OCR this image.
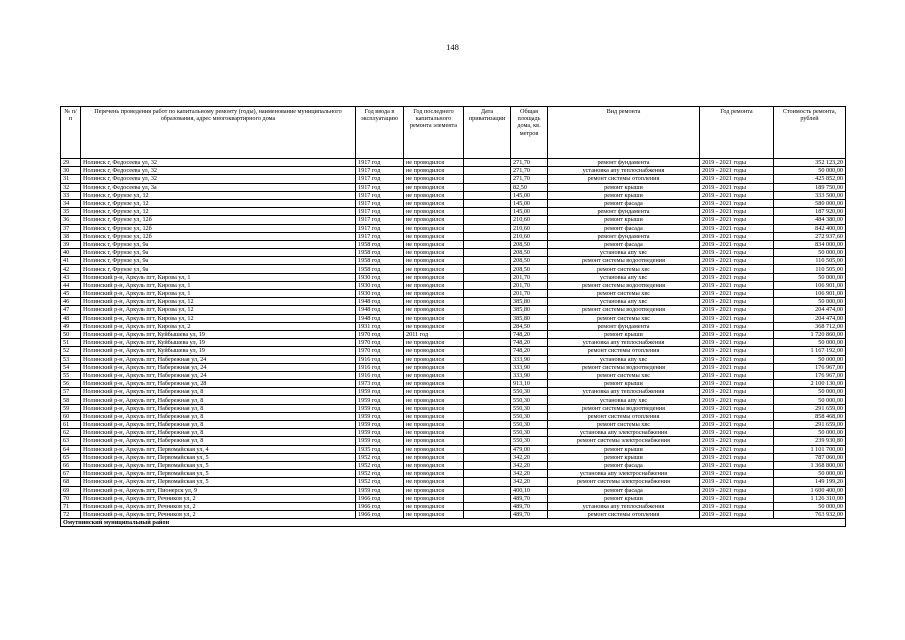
148
№ п/п	Перечень проведения работ по капитальному ремонту (годы), наименование муниципального образования, адрес многоквартирного дома	Год ввода в эксплуатацию	Год последнего капитального ремонта элемента	Дата приватизации	Общая площадь дома, кв. метров	Вид ремонта	Год ремонта	Стоимость ремонта, рублей
29	Нолинск г, Федосеева ул, 32	1917 год	не проводился		271,70	ремонт фундамента	2019 - 2021 годы	352 123,20
30	Нолинск г, Федосеева ул, 32	1917 год	не проводился		271,70	установка апу теплоснабжения	2019 - 2021 годы	50 000,00
31	Нолинск г, Федосеева ул, 32	1917 год	не проводился		271,70	ремонт системы отопления	2019 - 2021 годы	425 852,00
32	Нолинск г, Федосеева ул, 3а	1917 год	не проводился		82,50	ремонт крыши	2019 - 2021 годы	189 750,00
33	Нолинск г, Фрунзе ул, 12	1917 год	не проводился		145,00	ремонт крыши	2019 - 2021 годы	333 500,00
34	Нолинск г, Фрунзе ул, 12	1917 год	не проводился		145,00	ремонт фасада	2019 - 2021 годы	580 000,00
35	Нолинск г, Фрунзе ул, 12	1917 год	не проводился		145,00	ремонт фундамента	2019 - 2021 годы	187 920,00
36	Нолинск г, Фрунзе ул, 12б	1917 год	не проводился		210,60	ремонт крыши	2019 - 2021 годы	484 380,00
37	Нолинск г, Фрунзе ул, 12б	1917 год	не проводился		210,60	ремонт фасада	2019 - 2021 годы	842 400,00
38	Нолинск г, Фрунзе ул, 12б	1917 год	не проводился		210,60	ремонт фундамента	2019 - 2021 годы	272 937,60
39	Нолинск г, Фрунзе ул, 9а	1958 год	не проводился		208,50	ремонт фасада	2019 - 2021 годы	834 000,00
40	Нолинск г, Фрунзе ул, 9а	1958 год	не проводился		208,50	установка апу хвс	2019 - 2021 годы	50 000,00
41	Нолинск г, Фрунзе ул, 9а	1958 год	не проводился		208,50	ремонт системы водоотведения	2019 - 2021 годы	110 505,00
42	Нолинск г, Фрунзе ул, 9а	1958 год	не проводился		208,50	ремонт системы хвс	2019 - 2021 годы	110 505,00
43	Нолинский р-н, Аркуль пгт, Кирова ул, 1	1930 год	не проводился		201,70	установка апу хвс	2019 - 2021 годы	50 000,00
44	Нолинский р-н, Аркуль пгт, Кирова ул, 1	1930 год	не проводился		201,70	ремонт системы водоотведения	2019 - 2021 годы	106 901,00
45	Нолинский р-н, Аркуль пгт, Кирова ул, 1	1930 год	не проводился		201,70	ремонт системы хвс	2019 - 2021 годы	106 901,00
46	Нолинский р-н, Аркуль пгт, Кирова ул, 12	1948 год	не проводился		385,80	установка апу хвс	2019 - 2021 годы	50 000,00
47	Нолинский р-н, Аркуль пгт, Кирова ул, 12	1948 год	не проводился		385,80	ремонт системы водоотведения	2019 - 2021 годы	204 474,00
48	Нолинский р-н, Аркуль пгт, Кирова ул, 12	1948 год	не проводился		385,80	ремонт системы хвс	2019 - 2021 годы	204 474,00
49	Нолинский р-н, Аркуль пгт, Кирова ул, 2	1931 год	не проводился		284,50	ремонт фундамента	2019 - 2021 годы	368 712,00
50	Нолинский р-н, Аркуль пгт, Куйбышева ул, 19	1970 год	2011 год		748,20	ремонт крыши	2019 - 2021 годы	1 720 860,00
51	Нолинский р-н, Аркуль пгт, Куйбышева ул, 19	1970 год	не проводился		748,20	установка апу теплоснабжения	2019 - 2021 годы	50 000,00
52	Нолинский р-н, Аркуль пгт, Куйбышева ул, 19	1970 год	не проводился		748,20	ремонт системы отопления	2019 - 2021 годы	1 167 192,00
53	Нолинский р-н, Аркуль пгт, Набережная ул, 24	1916 год	не проводился		333,90	установка апу хвс	2019 - 2021 годы	50 000,00
54	Нолинский р-н, Аркуль пгт, Набережная ул, 24	1916 год	не проводился		333,90	ремонт системы водоотведения	2019 - 2021 годы	176 967,00
55	Нолинский р-н, Аркуль пгт, Набережная ул, 24	1916 год	не проводился		333,90	ремонт системы хвс	2019 - 2021 годы	176 967,00
56	Нолинский р-н, Аркуль пгт, Набережная ул, 28	1973 год	не проводился		913,10	ремонт крыши	2019 - 2021 годы	2 100 130,00
57	Нолинский р-н, Аркуль пгт, Набережная ул, 8	1959 год	не проводился		550,30	установка апу теплоснабжения	2019 - 2021 годы	50 000,00
58	Нолинский р-н, Аркуль пгт, Набережная ул, 8	1959 год	не проводился		550,30	установка апу хвс	2019 - 2021 годы	50 000,00
59	Нолинский р-н, Аркуль пгт, Набережная ул, 8	1959 год	не проводился		550,30	ремонт системы водоотведения	2019 - 2021 годы	291 659,00
60	Нолинский р-н, Аркуль пгт, Набережная ул, 8	1959 год	не проводился		550,30	ремонт системы отопления	2019 - 2021 годы	858 468,00
61	Нолинский р-н, Аркуль пгт, Набережная ул, 8	1959 год	не проводился		550,30	ремонт системы хвс	2019 - 2021 годы	291 659,00
62	Нолинский р-н, Аркуль пгт, Набережная ул, 8	1959 год	не проводился		550,30	установка апу электроснабжения	2019 - 2021 годы	50 000,00
63	Нолинский р-н, Аркуль пгт, Набережная ул, 8	1959 год	не проводился		550,30	ремонт системы электроснабжения	2019 - 2021 годы	239 930,80
64	Нолинский р-н, Аркуль пгт, Первомайская ул, 4	1935 год	не проводился		479,00	ремонт крыши	2019 - 2021 годы	1 101 700,00
65	Нолинский р-н, Аркуль пгт, Первомайская ул, 5	1952 год	не проводился		342,20	ремонт крыши	2019 - 2021 годы	787 060,00
66	Нолинский р-н, Аркуль пгт, Первомайская ул, 5	1952 год	не проводился		342,20	ремонт фасада	2019 - 2021 годы	1 368 800,00
67	Нолинский р-н, Аркуль пгт, Первомайская ул, 5	1952 год	не проводился		342,20	установка апу электроснабжения	2019 - 2021 годы	50 000,00
68	Нолинский р-н, Аркуль пгт, Первомайская ул, 5	1952 год	не проводился		342,20	ремонт системы электроснабжения	2019 - 2021 годы	149 199,20
69	Нолинский р-н, Аркуль пгт, Пионерск ул, 9	1959 год	не проводился		400,10	ремонт фасада	2019 - 2021 годы	1 600 400,00
70	Нолинский р-н, Аркуль пгт, Речников ул, 2	1966 год	не проводился		489,70	ремонт крыши	2019 - 2021 годы	1 126 310,00
71	Нолинский р-н, Аркуль пгт, Речников ул, 2	1966 год	не проводился		489,70	установка апу теплоснабжения	2019 - 2021 годы	50 000,00
72	Нолинский р-н, Аркуль пгт, Речников ул, 2	1966 год	не проводился		489,70	ремонт системы отопления	2019 - 2021 годы	763 932,00
Омутнинский муниципальный район								
